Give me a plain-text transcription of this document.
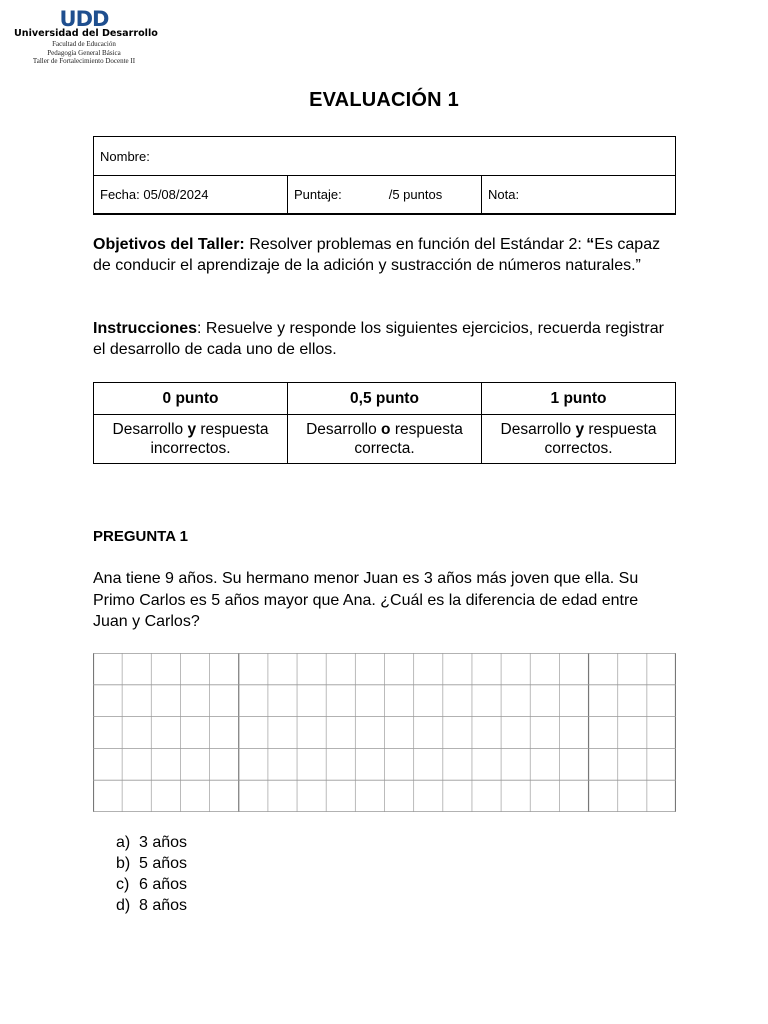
UDD
Universidad del Desarrollo
Facultad de Educación
Pedagogía General Básica
Taller de Fortalecimiento Docente II
EVALUACIÓN 1
Nombre:
Fecha: 05/08/2024	Puntaje:	/5 puntos	Nota:
Objetivos del Taller: Resolver problemas en función del Estándar 2: “Es capaz de conducir el aprendizaje de la adición y sustracción de números naturales.”
Instrucciones: Resuelve y responde los siguientes ejercicios, recuerda registrar el desarrollo de cada uno de ellos.
0 punto	0,5 punto	1 punto
Desarrollo y respuesta incorrectos.	Desarrollo o respuesta correcta.	Desarrollo y respuesta correctos.
PREGUNTA 1
Ana tiene 9 años. Su hermano menor Juan es 3 años más joven que ella. Su Primo Carlos es 5 años mayor que Ana. ¿Cuál es la diferencia de edad entre Juan y Carlos?
a) 3 años
b) 5 años
c) 6 años
d) 8 años
